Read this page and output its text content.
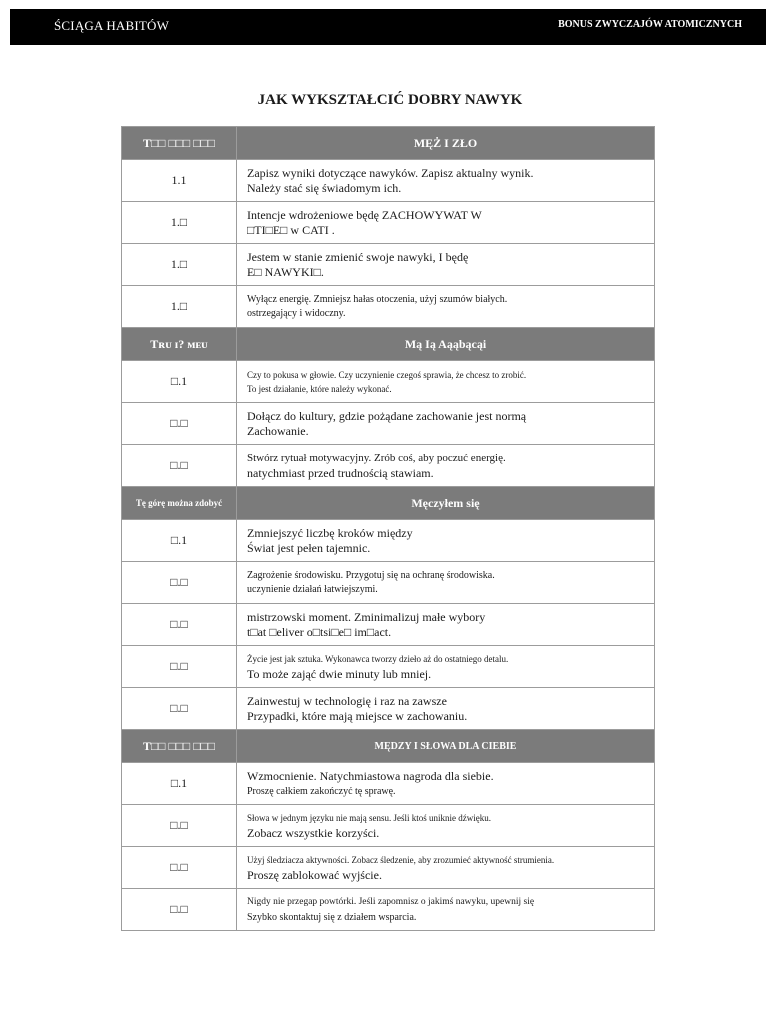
ŚCIĄGA HABITÓW	BONUS ZWYCZAJÓW ATOMICZNYCH
JAK WYKSZTAŁCIĆ DOBRY NAWYK
T□□ □□□ □□□	MĘŻ I ZŁO
1.1	Zapisz wyniki dotyczące nawyków. Zapisz aktualny wynik.
Należy stać się świadomym ich.

1.□	Intencje wdrożeniowe będę ZACHOWYWAT W
□TI□E□ w CATI .

1.□	Jestem w stanie zmienić swoje nawyki, I będę
E□ NAWYKI□.

1.□	Wyłącz energię. Zmniejsz hałas otoczenia, użyj szumów białych.
ostrzegający i widoczny.

Tʀᴜ ɪ? ᴍᴇᴜ	Mą Ią Aąąbącąi
□.1	Czy to pokusa w głowie. Czy uczynienie czegoś sprawia, że chcesz to zrobić.
To jest działanie, które należy wykonać.

□.□	Dołącz do kultury, gdzie pożądane zachowanie jest normą
Zachowanie.

□.□	Stwórz rytuał motywacyjny. Zrób coś, aby poczuć energię.
natychmiast przed trudnością stawiam.

Tę górę można zdobyć	Męczyłem się
□.1	Zmniejszyć liczbę kroków między
Świat jest pełen tajemnic.

□.□	Zagrożenie środowisku. Przygotuj się na ochranę środowiska.
uczynienie działań łatwiejszymi.

□.□	mistrzowski moment. Zminimalizuj małe wybory
t□at □eliver o□tsi□e□ im□act.

□.□	Życie jest jak sztuka. Wykonawca tworzy dzieło aż do ostatniego detalu.
To może zająć dwie minuty lub mniej.

□.□	Zainwestuj w technologię i raz na zawsze
Przypadki, które mają miejsce w zachowaniu.

T□□ □□□ □□□	MĘDZY I SŁOWA DLA CIEBIE
□.1	Wzmocnienie. Natychmiastowa nagroda dla siebie.
Proszę całkiem zakończyć tę sprawę.

□.□	Słowa w jednym języku nie mają sensu. Jeśli ktoś uniknie dźwięku.
Zobacz wszystkie korzyści.

□.□	Użyj śledziacza aktywności. Zobacz śledzenie, aby zrozumieć aktywność strumienia.
Proszę zablokować wyjście.

□.□	Nigdy nie przegap powtórki. Jeśli zapomnisz o jakimś nawyku, upewnij się
Szybko skontaktuj się z działem wsparcia.
